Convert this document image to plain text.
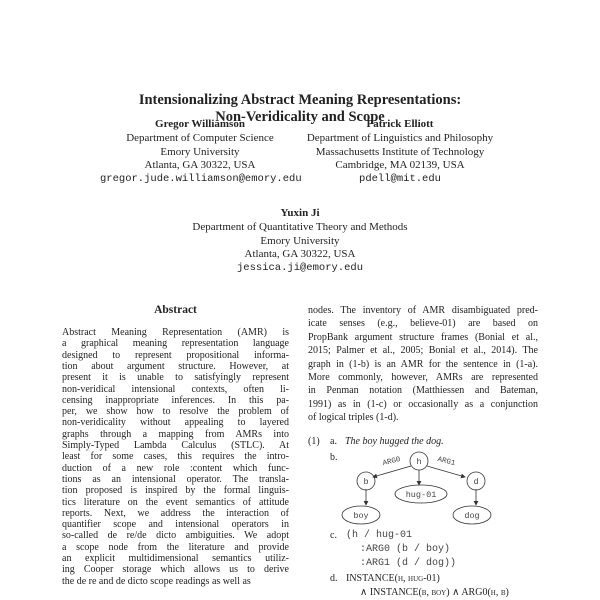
Intensionalizing Abstract Meaning Representations:
Non-Veridicality and Scope
Gregor Williamson
Department of Computer Science
Emory University
Atlanta, GA 30322, USA
gregor.jude.williamson@emory.edu
Patrick Elliott
Department of Linguistics and Philosophy
Massachusetts Institute of Technology
Cambridge, MA 02139, USA
pdell@mit.edu
Yuxin Ji
Department of Quantitative Theory and Methods
Emory University
Atlanta, GA 30322, USA
jessica.ji@emory.edu
Abstract
Abstract Meaning Representation (AMR) is
a graphical meaning representation language
designed to represent propositional informa-
tion about argument structure. However, at
present it is unable to satisfyingly represent
non-veridical intensional contexts, often li-
censing inappropriate inferences. In this pa-
per, we show how to resolve the problem of
non-veridicality without appealing to layered
graphs through a mapping from AMRs into
Simply-Typed Lambda Calculus (STLC). At
least for some cases, this requires the intro-
duction of a new role :content which func-
tions as an intensional operator. The transla-
tion proposed is inspired by the formal linguis-
tics literature on the event semantics of attitude
reports. Next, we address the interaction of
quantifier scope and intensional operators in
so-called de re/de dicto ambiguities. We adopt
a scope node from the literature and provide
an explicit multidimensional semantics utiliz-
ing Cooper storage which allows us to derive
the de re and de dicto scope readings as well as
nodes. The inventory of AMR disambiguated pred-
icate senses (e.g., believe-01) are based on
PropBank argument structure frames (Bonial et al.,
2015; Palmer et al., 2005; Bonial et al., 2014). The
graph in (1-b) is an AMR for the sentence in (1-a).
More commonly, however, AMRs are represented
in Penman notation (Matthiessen and Bateman,
1991) as in (1-c) or occasionally as a conjunction
of logical triples (1-d).
(1) a. The boy hugged the dog.
b.	h
b	d
hug-01
boy	dog
ARG0	ARG1
c. (h / hug-01
:ARG0 (b / boy)
:ARG1 (d / dog))
d. INSTANCE(h, hug-01)
∧ INSTANCE(b, boy) ∧ ARG0(h, b)
